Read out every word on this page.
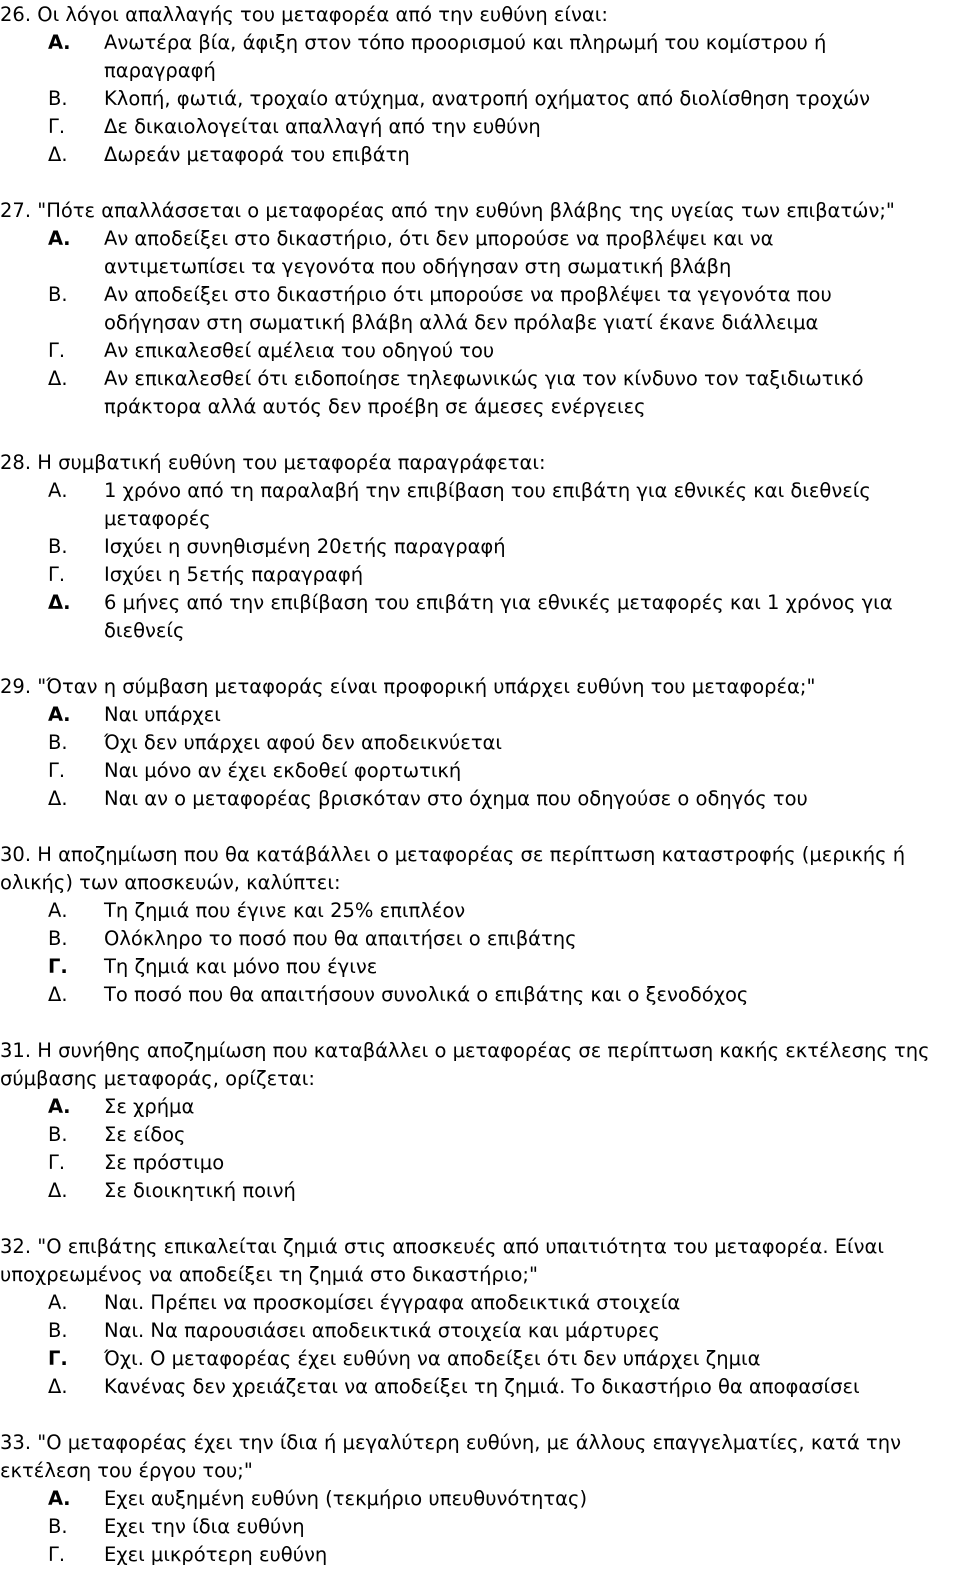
26. Οι λόγοι απαλλαγής του μεταφορέα από την ευθύνη είναι:
Α. Ανωτέρα βία, άφιξη στον τόπο προορισμού και πληρωμή του κομίστρου ή παραγραφή
Β. Κλοπή, φωτιά, τροχαίο ατύχημα, ανατροπή οχήματος από διολίσθηση τροχών
Γ. Δε δικαιολογείται απαλλαγή από την ευθύνη
Δ. Δωρεάν μεταφορά του επιβάτη
27. "Πότε απαλλάσσεται ο μεταφορέας από την ευθύνη βλάβης της υγείας των επιβατών;"
Α. Αν αποδείξει στο δικαστήριο, ότι δεν μπορούσε να προβλέψει και να αντιμετωπίσει τα γεγονότα που οδήγησαν στη σωματική βλάβη
Β. Αν αποδείξει στο δικαστήριο ότι μπορούσε να προβλέψει τα γεγονότα που οδήγησαν στη σωματική βλάβη αλλά δεν πρόλαβε γιατί έκανε διάλλειμα
Γ. Αν επικαλεσθεί αμέλεια του οδηγού του
Δ. Αν επικαλεσθεί ότι ειδοποίησε τηλεφωνικώς για τον κίνδυνο τον ταξιδιωτικό πράκτορα αλλά αυτός δεν προέβη σε άμεσες ενέργειες
28. Η συμβατική ευθύνη του μεταφορέα παραγράφεται:
Α. 1 χρόνο από τη παραλαβή την επιβίβαση του επιβάτη για εθνικές και διεθνείς μεταφορές
Β. Ισχύει η συνηθισμένη 20ετής παραγραφή
Γ. Ισχύει η 5ετής παραγραφή
Δ. 6 μήνες από την επιβίβαση του επιβάτη για εθνικές μεταφορές και 1 χρόνος για διεθνείς
29. "Όταν η σύμβαση μεταφοράς είναι προφορική υπάρχει ευθύνη του μεταφορέα;"
Α. Ναι υπάρχει
Β. Όχι δεν υπάρχει αφού δεν αποδεικνύεται
Γ. Ναι μόνο αν έχει εκδοθεί φορτωτική
Δ. Ναι αν ο μεταφορέας βρισκόταν στο όχημα που οδηγούσε ο οδηγός του
30. Η αποζημίωση που θα κατάβάλλει ο μεταφορέας σε περίπτωση καταστροφής (μερικής ή ολικής) των αποσκευών, καλύπτει:
Α. Τη ζημιά που έγινε και 25% επιπλέον
Β. Ολόκληρο το ποσό που θα απαιτήσει ο επιβάτης
Γ. Τη ζημιά και μόνο που έγινε
Δ. Το ποσό που θα απαιτήσουν συνολικά ο επιβάτης και ο ξενοδόχος
31. Η συνήθης αποζημίωση που καταβάλλει ο μεταφορέας σε περίπτωση κακής εκτέλεσης της σύμβασης μεταφοράς, ορίζεται:
Α. Σε χρήμα
Β. Σε είδος
Γ. Σε πρόστιμο
Δ. Σε διοικητική ποινή
32. "Ο επιβάτης επικαλείται ζημιά στις αποσκευές από υπαιτιότητα του μεταφορέα. Είναι υποχρεωμένος να αποδείξει τη ζημιά στο δικαστήριο;"
Α. Ναι. Πρέπει να προσκομίσει έγγραφα αποδεικτικά στοιχεία
Β. Ναι. Να παρουσιάσει αποδεικτικά στοιχεία και μάρτυρες
Γ. Όχι. Ο μεταφορέας έχει ευθύνη να αποδείξει ότι δεν υπάρχει ζημια
Δ. Κανένας δεν χρειάζεται να αποδείξει τη ζημιά. Το δικαστήριο θα αποφασίσει
33. "Ο μεταφορέας έχει την ίδια ή μεγαλύτερη ευθύνη, με άλλους επαγγελματίες, κατά την εκτέλεση του έργου του;"
Α. Εχει αυξημένη ευθύνη (τεκμήριο υπευθυνότητας)
Β. Εχει την ίδια ευθύνη
Γ. Εχει μικρότερη ευθύνη
